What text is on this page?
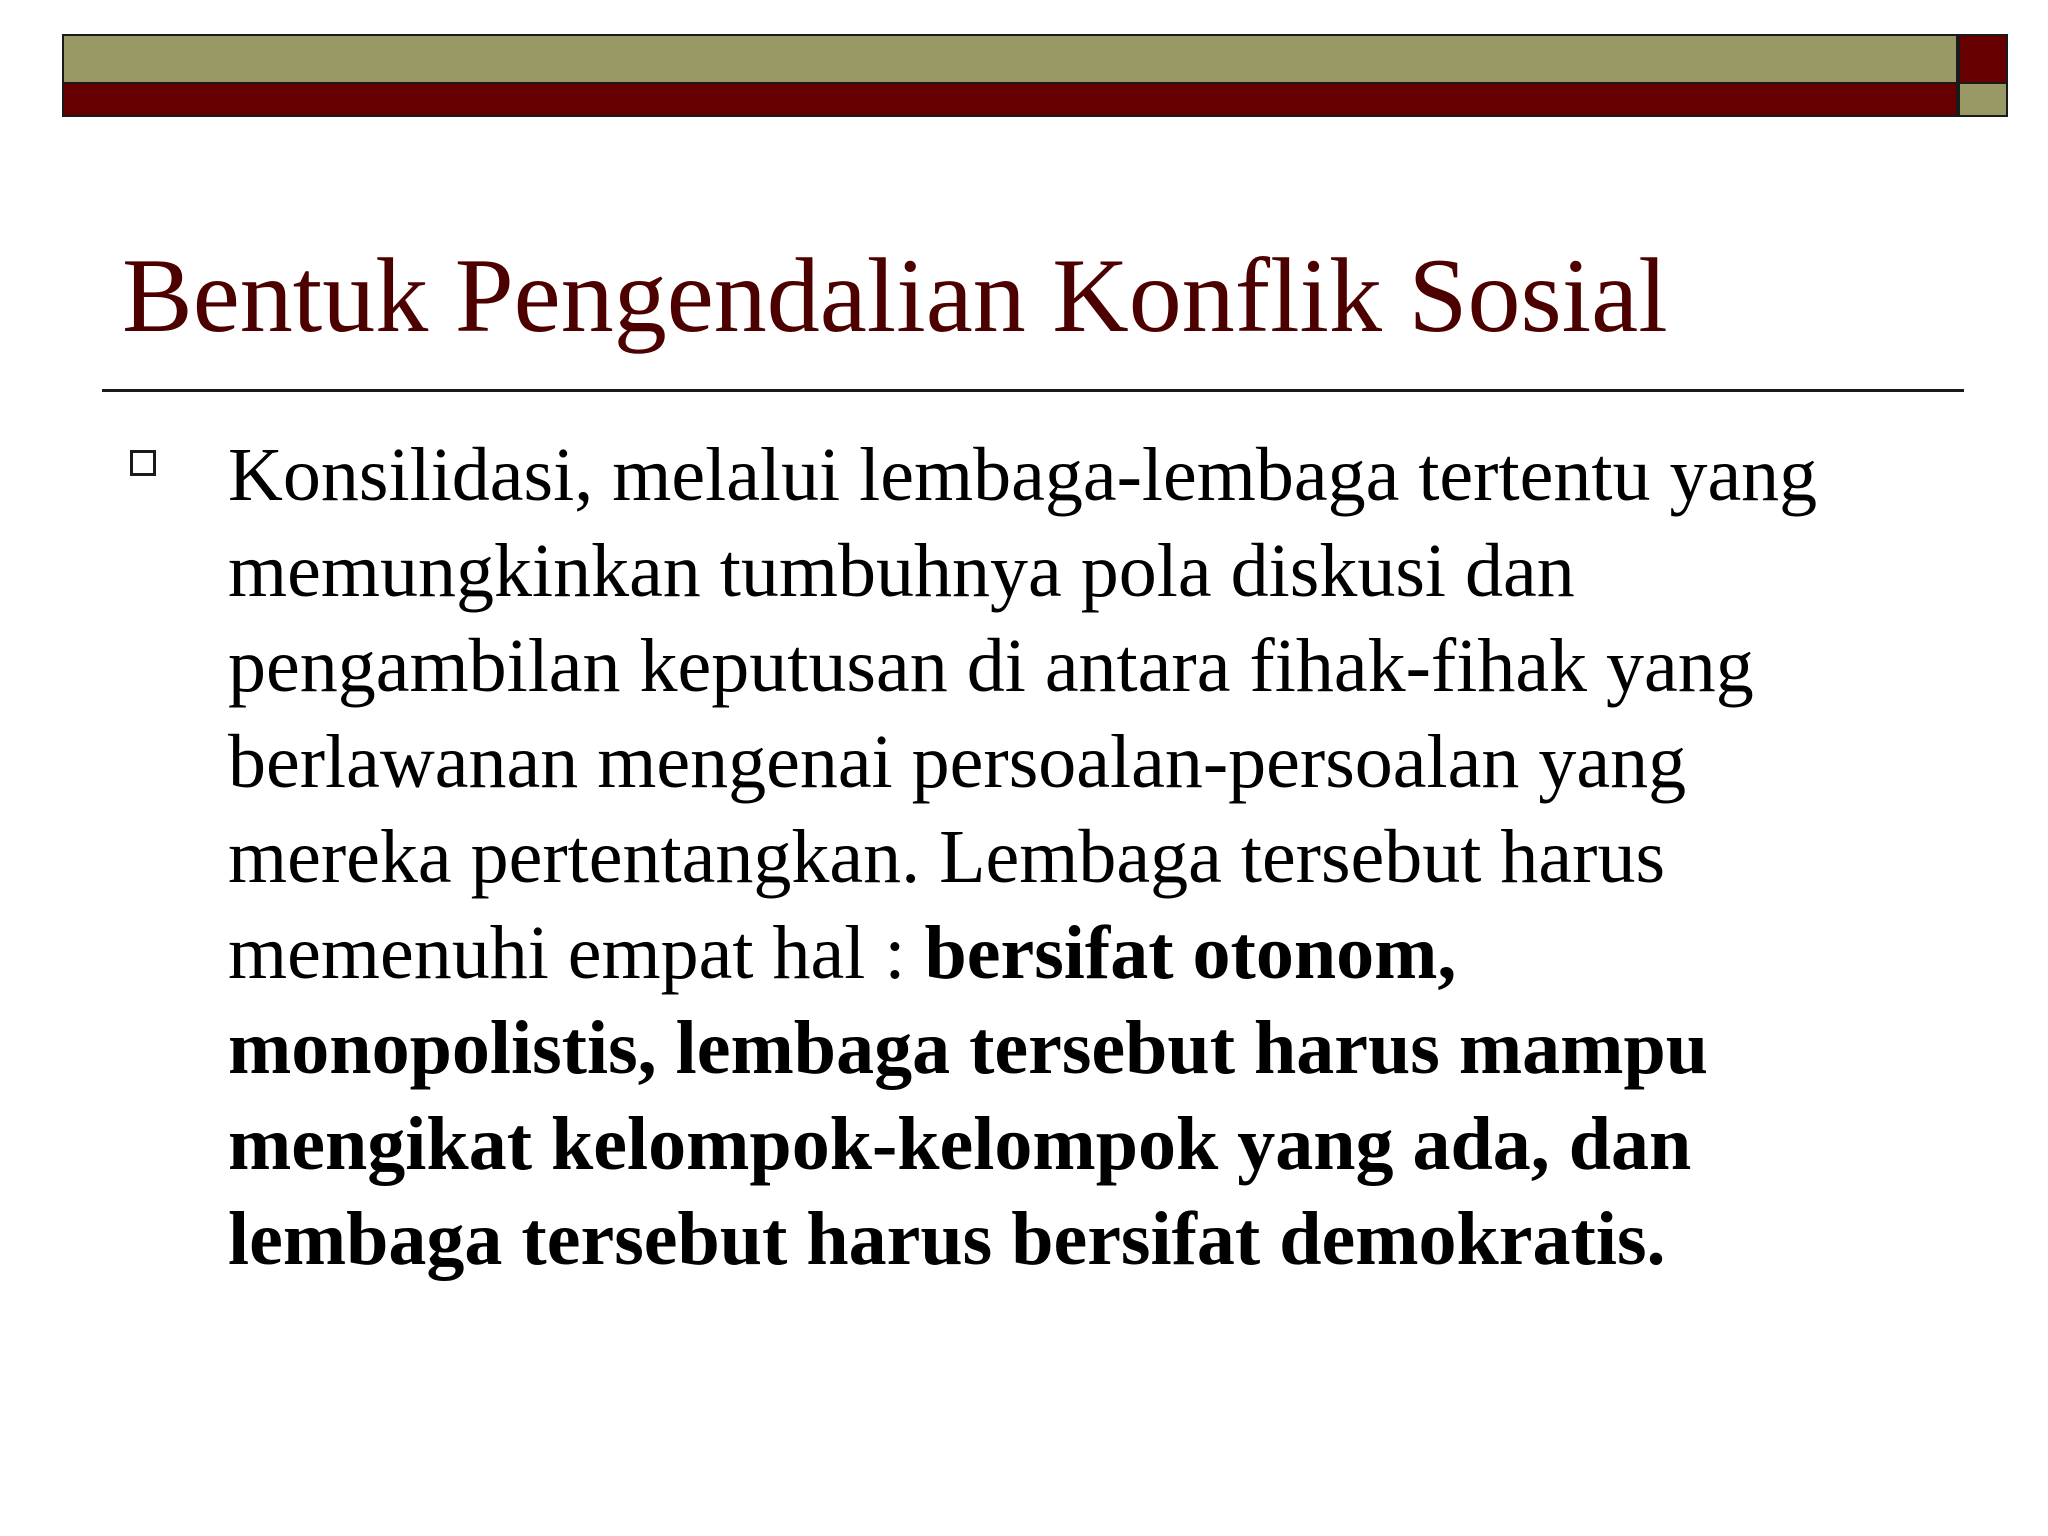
Bentuk Pengendalian Konflik Sosial

Konsilidasi, melalui lembaga-lembaga tertentu yang
memungkinkan tumbuhnya pola diskusi dan
pengambilan keputusan di antara fihak-fihak yang
berlawanan mengenai persoalan-persoalan yang
mereka pertentangkan. Lembaga tersebut harus
memenuhi empat hal : bersifat otonom,
monopolistis, lembaga tersebut harus mampu
mengikat kelompok-kelompok yang ada, dan
lembaga tersebut harus bersifat demokratis.
